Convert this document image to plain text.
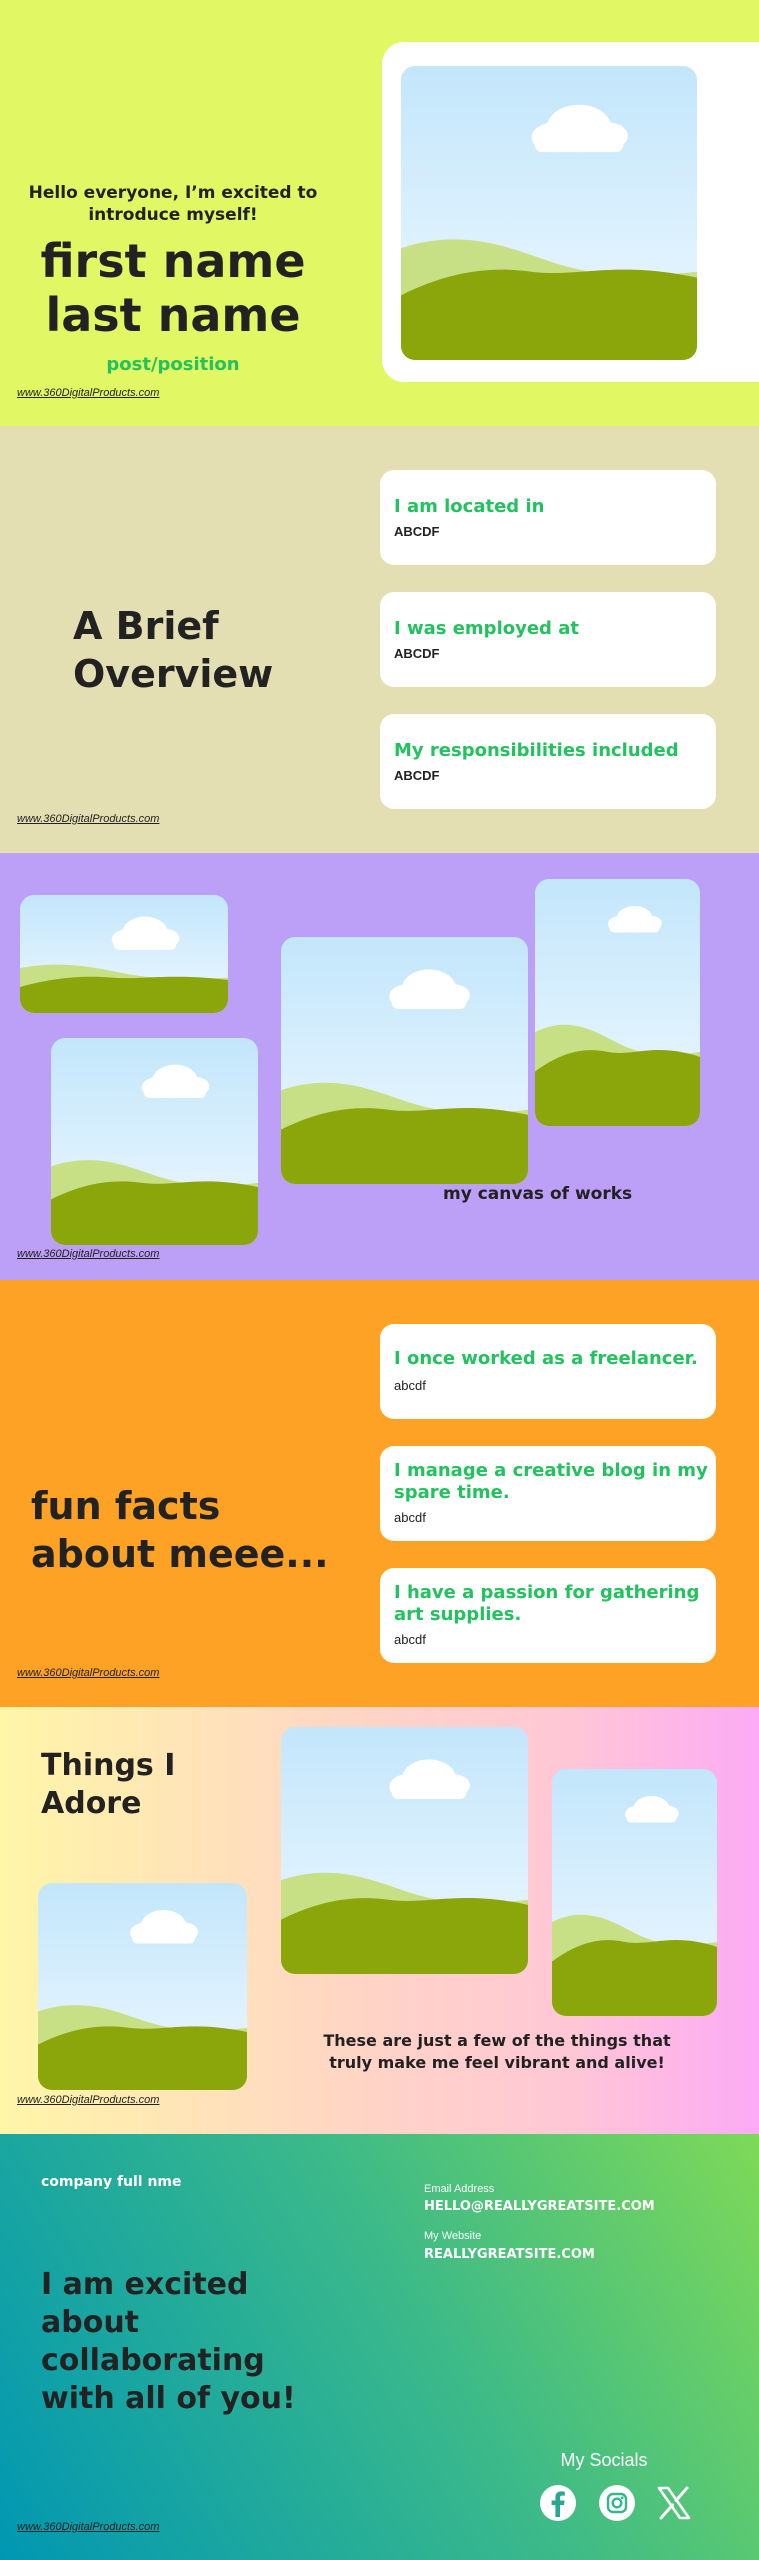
Hello everyone, I’m excited to introduce myself!
first name
last name
post/position
www.360DigitalProducts.com
A Brief
Overview
I am located in
ABCDF
I was employed at
ABCDF
My responsibilities included
ABCDF
www.360DigitalProducts.com
my canvas of works
www.360DigitalProducts.com
fun facts
about meee...
I once worked as a freelancer.
abcdf
I manage a creative blog in my
spare time.
abcdf
I have a passion for gathering
art supplies.
abcdf
www.360DigitalProducts.com
Things I
Adore
These are just a few of the things that
truly make me feel vibrant and alive!
www.360DigitalProducts.com
company full nme	Email Address
HELLO@REALLYGREATSITE.COM
My Website
REALLYGREATSITE.COM
I am excited
about
collaborating
with all of you!
My Socials
www.360DigitalProducts.com
